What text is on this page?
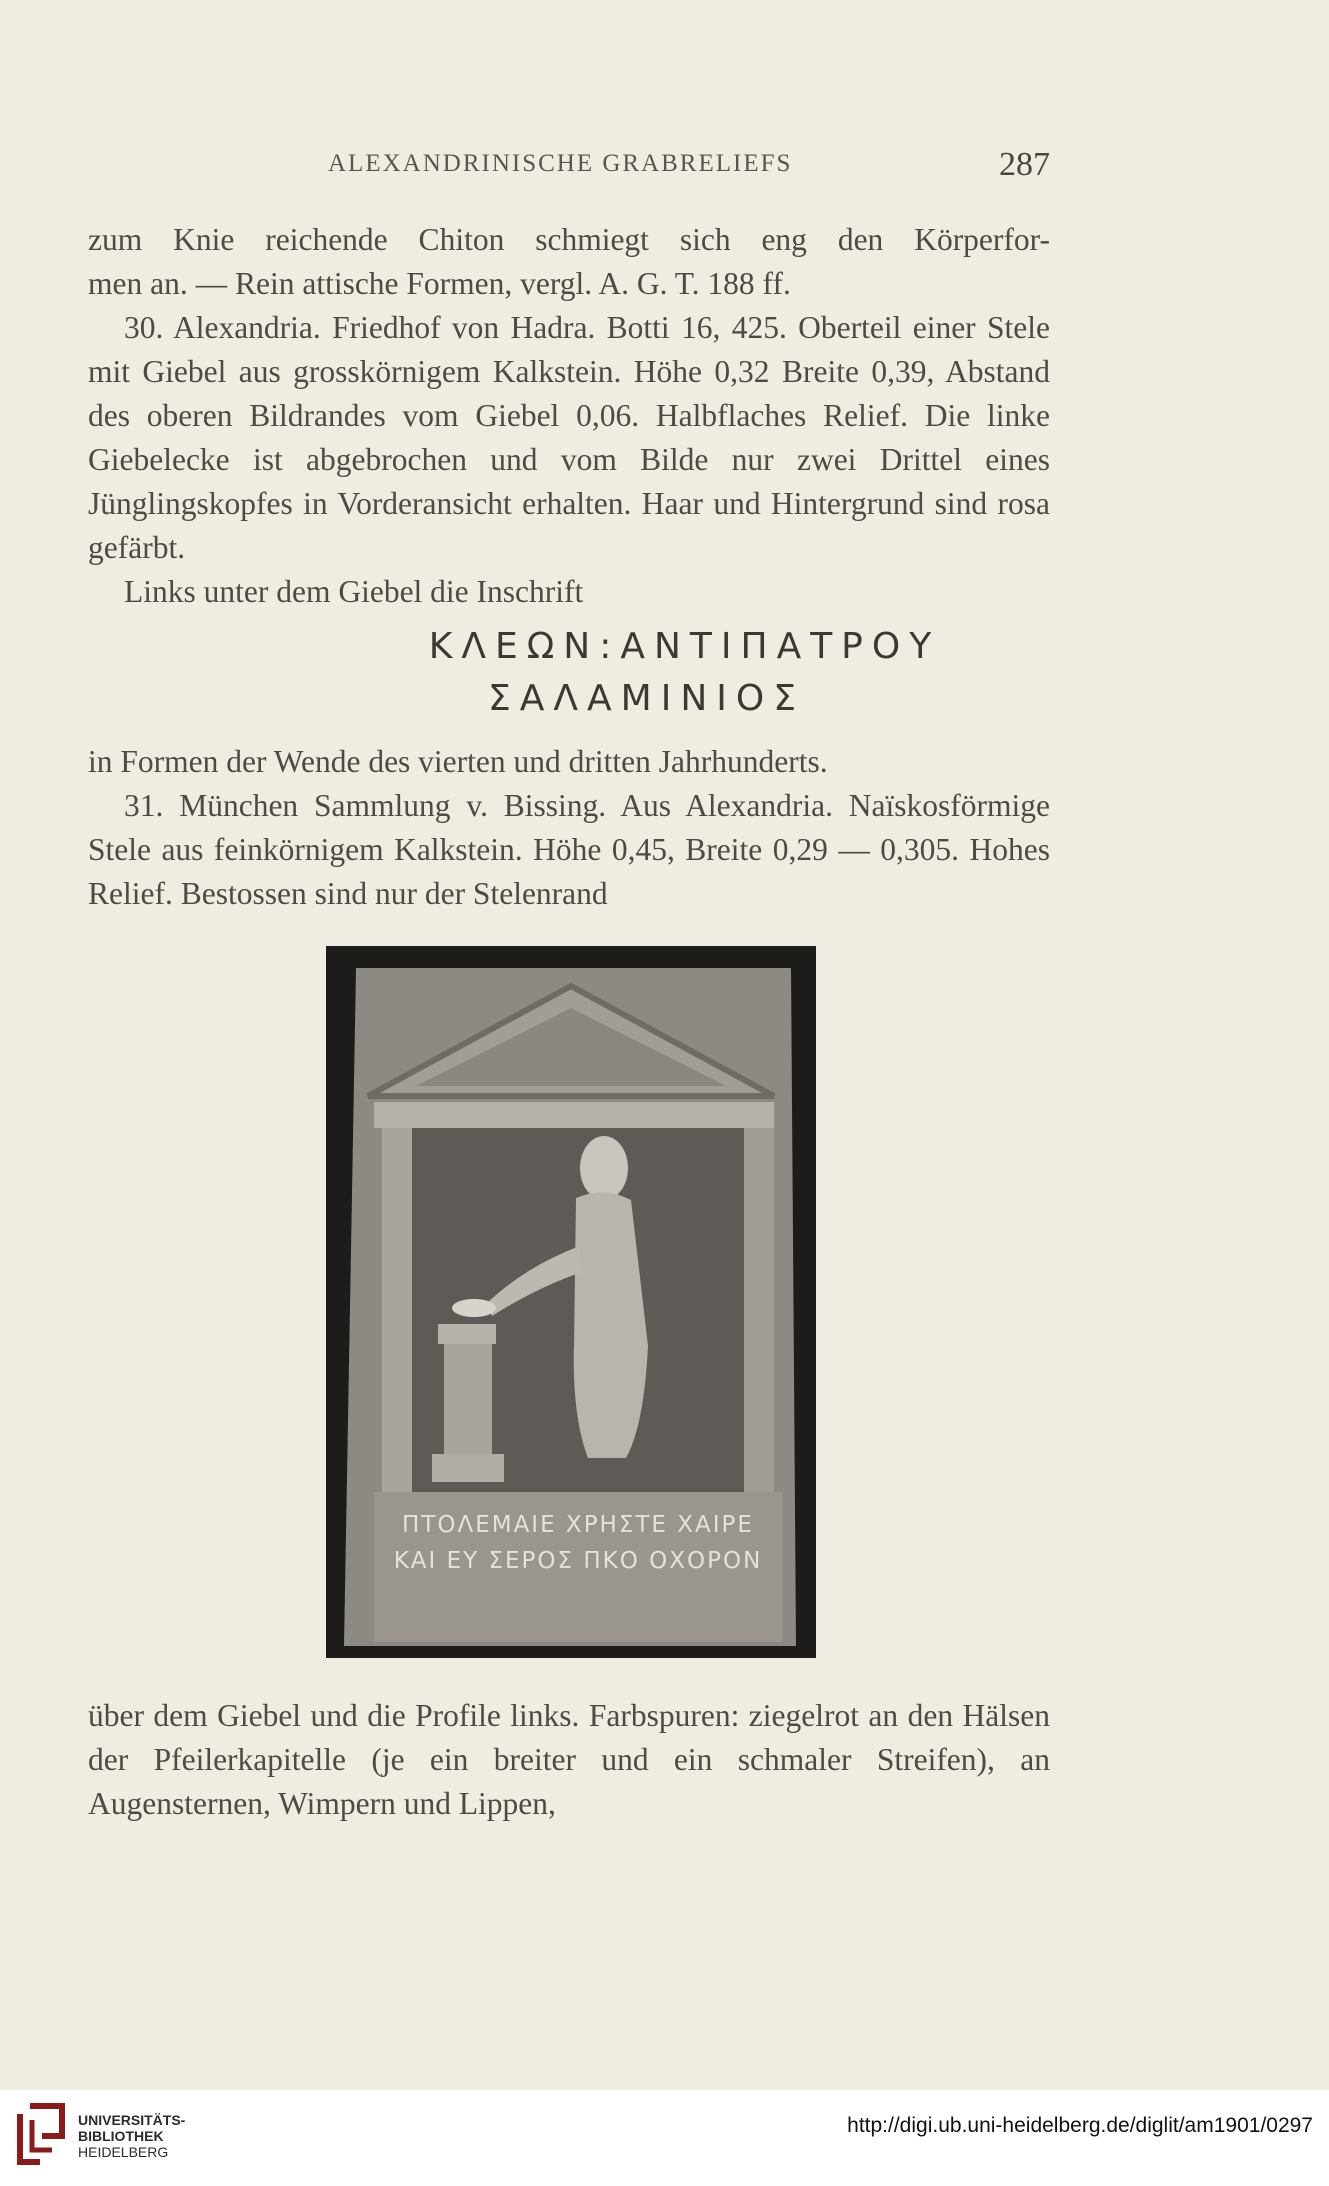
ALEXANDRINISCHE GRABRELIEFS	287

zum Knie reichende Chiton schmiegt sich eng den Körperfor-

men an. — Rein attische Formen, vergl. A. G. T. 188 ff.

30. Alexandria. Friedhof von Hadra. Botti 16, 425. Oberteil einer Stele mit Giebel aus grosskörnigem Kalkstein. Höhe 0,32 Breite 0,39, Abstand des oberen Bildrandes vom Giebel 0,06. Halbflaches Relief. Die linke Giebelecke ist abgebrochen und vom Bilde nur zwei Drittel eines Jünglingskopfes in Vorderansicht erhalten. Haar und Hintergrund sind rosa gefärbt.

Links unter dem Giebel die Inschrift

ΚΛΕΩΝ:ΑΝΤΙΠΑΤΡΟΥ
ΣΑΛΑΜΙΝΙΟΣ

in Formen der Wende des vierten und dritten Jahrhunderts.

31. München Sammlung v. Bissing. Aus Alexandria. Naïskosförmige Stele aus feinkörnigem Kalkstein. Höhe 0,45, Breite 0,29 — 0,305. Hohes Relief. Bestossen sind nur der Stelenrand

ΠΤΟΛΕΜΑΙΕ ΧΡΗΣΤΕ ΧΑΙΡΕ
ΚΑΙ ΕΥ ΣΕΡΟΣ ΠΚΟ ΟΧΟΡΟΝ

über dem Giebel und die Profile links. Farbspuren: ziegelrot an den Hälsen der Pfeilerkapitelle (je ein breiter und ein schmaler Streifen), an Augensternen, Wimpern und Lippen,

UNIVERSITÄTS-
BIBLIOTHEK
HEIDELBERG
http://digi.ub.uni-heidelberg.de/diglit/am1901/0297
